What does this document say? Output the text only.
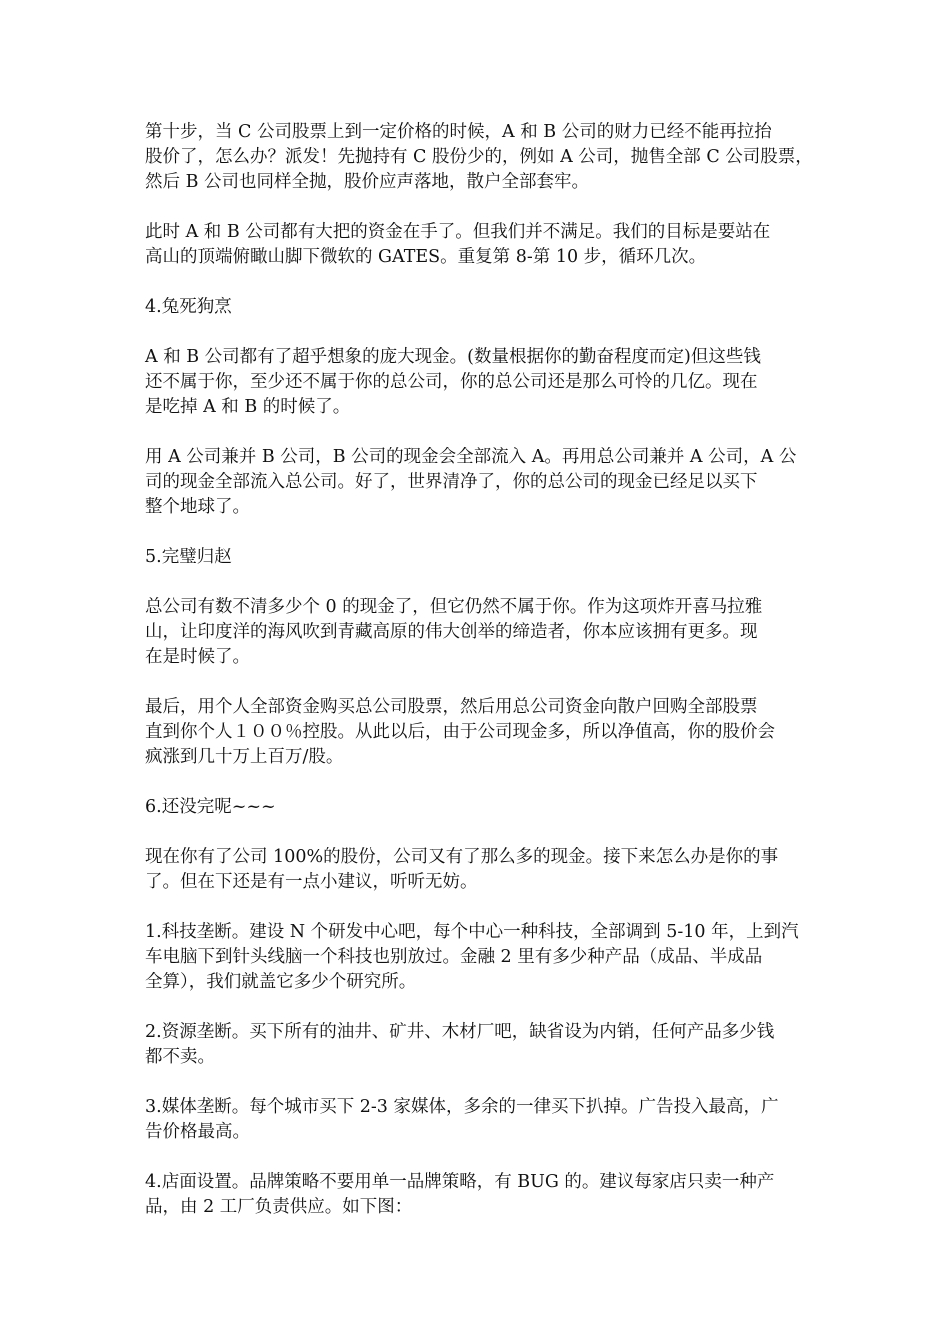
第十步，当 C 公司股票上到一定价格的时候，A 和 B 公司的财力已经不能再拉抬
股价了，怎么办？派发！先抛持有 C 股份少的，例如 A 公司，抛售全部 C 公司股票，
然后 B 公司也同样全抛，股价应声落地，散户全部套牢。
此时 A 和 B 公司都有大把的资金在手了。但我们并不满足。我们的目标是要站在
高山的顶端俯瞰山脚下微软的 GATES。重复第 8-第 10 步，循环几次。
4.兔死狗烹
A 和 B 公司都有了超乎想象的庞大现金。(数量根据你的勤奋程度而定)但这些钱
还不属于你，至少还不属于你的总公司，你的总公司还是那么可怜的几亿。现在
是吃掉 A 和 B 的时候了。
用 A 公司兼并 B 公司，B 公司的现金会全部流入 A。再用总公司兼并 A 公司，A 公
司的现金全部流入总公司。好了，世界清净了，你的总公司的现金已经足以买下
整个地球了。
5.完璧归赵
总公司有数不清多少个 0 的现金了，但它仍然不属于你。作为这项炸开喜马拉雅
山，让印度洋的海风吹到青藏高原的伟大创举的缔造者，你本应该拥有更多。现
在是时候了。
最后，用个人全部资金购买总公司股票，然后用总公司资金向散户回购全部股票
直到你个人１００％控股。从此以后，由于公司现金多，所以净值高，你的股价会
疯涨到几十万上百万/股。
6.还没完呢~~~
现在你有了公司 100%的股份，公司又有了那么多的现金。接下来怎么办是你的事
了。但在下还是有一点小建议，听听无妨。
1.科技垄断。建设 N 个研发中心吧，每个中心一种科技，全部调到 5-10 年，上到汽
车电脑下到针头线脑一个科技也别放过。金融 2 里有多少种产品（成品、半成品
全算），我们就盖它多少个研究所。
2.资源垄断。买下所有的油井、矿井、木材厂吧，缺省设为内销，任何产品多少钱
都不卖。
3.媒体垄断。每个城市买下 2-3 家媒体，多余的一律买下扒掉。广告投入最高，广
告价格最高。
4.店面设置。品牌策略不要用单一品牌策略，有 BUG 的。建议每家店只卖一种产
品，由 2 工厂负责供应。如下图：
